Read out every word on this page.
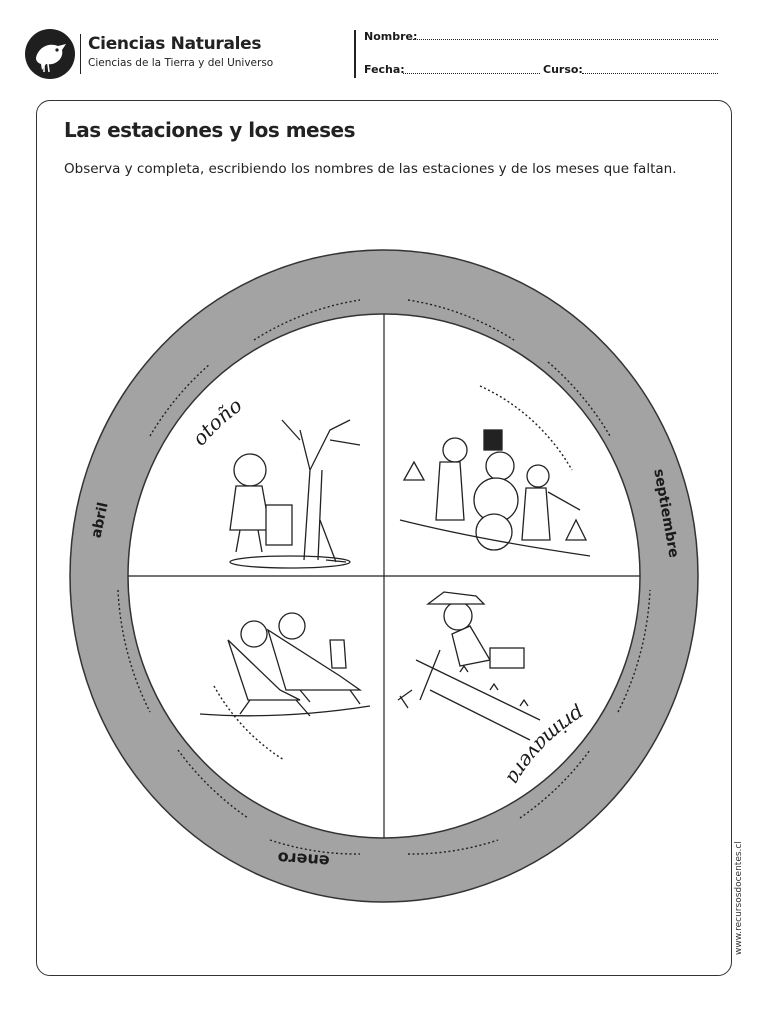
Ciencias Naturales
Ciencias de la Tierra y del Universo
Nombre:
Fecha:	Curso:
Las estaciones y los meses
Observa y completa, escribiendo los nombres de las estaciones y de los meses que faltan.
abril	septiembre
enero
otoño
primavera
www.recursosdocentes.cl
